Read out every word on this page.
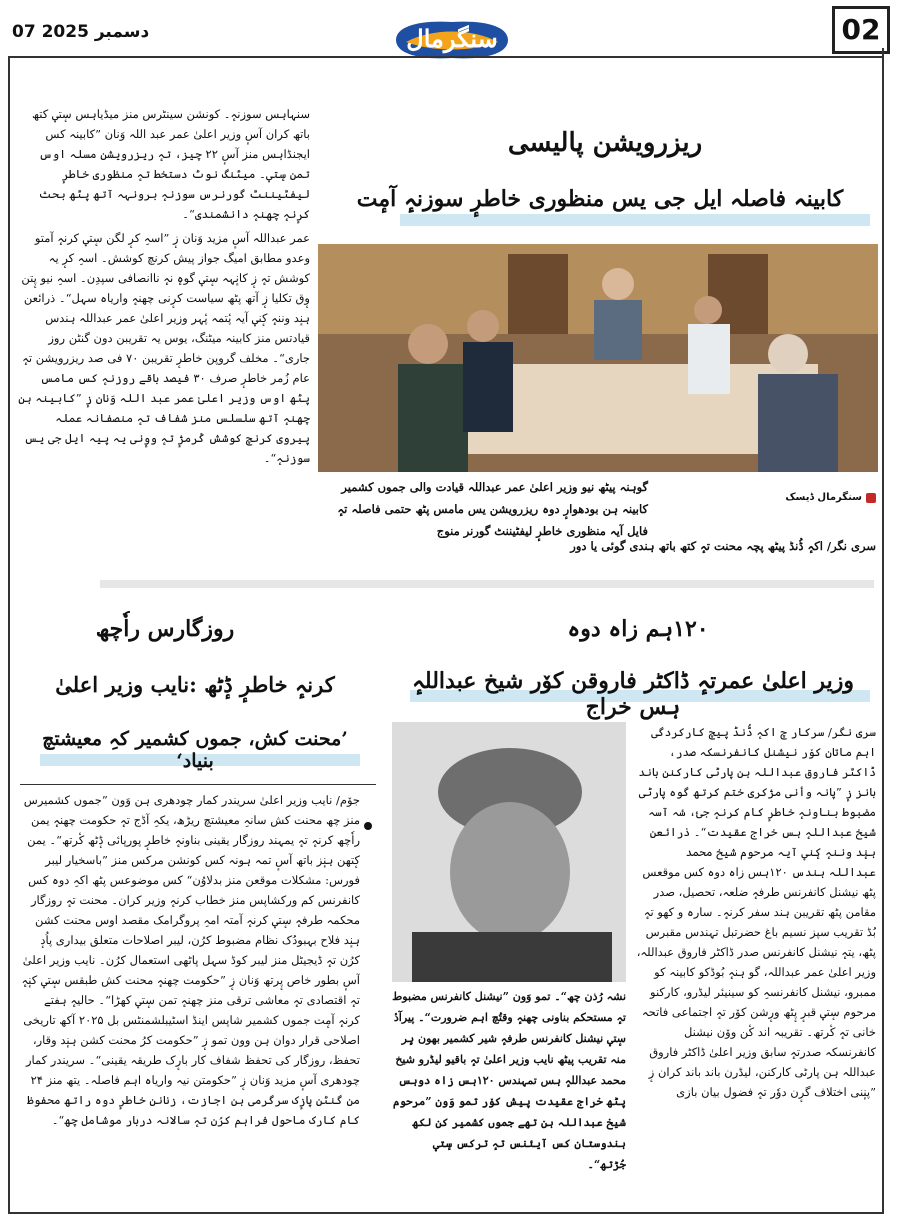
07 دسمبر 2025	سنگرمال	02
ریزرویشن پالیسی
کابینہ فاصلہ ایل جی یس منظوری خاطرٕ سوزنہٕ آمٕت
گوہنہ پیٹھ نیو وزیر اعلیٰ عمر عبداللہ قیادت والی جموں کشمیر کابینہ ہن بودھوارٕ دوہ ریزرویشن یس مامس پٹھ حتمی فاصلہ تہٕ فایل آیہ منظوری خاطرٕ لیفٹیننٹ گورنر منوج
سنگرمال ڈیسک
سری نگر/ اکہٕ ڈُنڈ پیٹھ پچہ محنت تہٕ کتھ باتھ ہندی گوئی یا دور

سنہاہس سوزنہٕ۔ کونشن سینٹرس منز میڈیاہس سٕتؠ کتھ باتھ کران آسٕ وزیر اعلیٰ عمر عبد اللہ وَنان ”کابینہ کس ایجنڈاہس منز آسٕ ۲۲ چیز، تہٕ ریزرویشن مسلہ اوس تمن سٕتؠ۔ میٹنگ نوٹ دستخط تہٕ منظوری خاطرٕ لیفٹیننٹ گورنرس سوزنہٕ برونہہ آتھ پٹھ بحث کرٕنہٕ چھنہٕ دانشمندی“۔

عمر عبداللہ آسٕ مزید وَنان زٕ ”اسہِ کرٕ لگن سٕتؠ کرنہٕ آمتو وعدو مطابق امیگ جواز پیش کرنچ کوشش۔ اسہِ کرٕ یہ کوشش تہٕ زٕ کانٕہہ سٕتؠ گوہٕ نہٕ ناانصافی سپدِن۔ اسہِ نیو پٕتن وٕق تکلیا زٕ آتھ پٹھ سیاست کرٕنی چھنہٕ واریاہ سہل“۔ ذرائعن ہنٕد وننہٕ کٕنؠ آیہ پٔتمہ پٔہر وزیر اعلیٰ عمر عبداللہ ہندس قیادتس منز کابینہ میٹنگ، یوس یہ تقریبن دون گنٹن روز جاری“۔ مخلف گروپن خاطرٕ تقریبن ۷۰ فی صد ریزرویشن تہٕ عام زُمر خاطرٕ صرف ۳۰ فیصد باقے روزنہٕ کس مامس پٹھ اوس وزیر اعلیٰ عمر عبد اللہ وَنان زٕ ”کابینہ ہن چھنہٕ آتھ سلسلس منز شفاف تہٕ منصفانہ عملہ پیروی کرنچ کوشش کٔرمژٕ تہٕ ووٕنی یہ پیہ ایل جی یس سوزنہٕ“۔

روزگارس راٗچھ
کرنہٕ خاطرٕ ڈٕٹھ :نایب وزیر اعلیٰ
’محنت کش، جموں کشمیر کہِ معیشتچ بنیاد‘

جۆم/ نایب وزیر اعلیٰ سریندر کمار چودھری ہن وَون ”جموں کشمیرس منز چھ محنت کش سانہِ معیشتچ ریڑھ، یکہِ آڈج تہٕ حکومت چھنہٕ یمن راٗچھ کرنہٕ تہٕ یمہند روزگار یقینی بناونہٕ خاطرٕ پورپائی ڈٕٹھ کٔرتھ“۔ یمن کٕتھن ہنٕز باتھ آسٕ تمہ ہونہ کس کونشن مرکس منز ”باسخیار لیبر فورس: مشکلات موقعن منز بدلاوُن“ کس موضوعس پٹھ اکہِ دوہ کس کانفرنس کم ورکشاپس منز خطاب کرنہٕ وزیر کران۔ محنت تہٕ روزگار محکمہ طرفہٕ سٕتؠ کرنہٕ آمتہ امہِ پروگرامک مقصد اوس محنت کشن ہنٕد فلاح بہبودُک نظام مضبوط کرُن، لیبر اصلاحات متعلق بیداری پاُدٕ کرُن تہٕ ڈیجیٹل منز لیبر کوڈ سہل پاٹھی استعمال کرُن۔ نایب وزیر اعلیٰ آسٕ بطور خاص پٕرتھ وَنان زٕ ”حکومت چھنہٕ محنت کش طبقس سٕتؠ کنٕہٕ تہٕ اقتصادی تہٕ معاشی ترقی منز چھنہٕ تمن سٕتؠ کھڑا“۔ حالیہٕ ہفتے کرنہٕ آمٕت جموں کشمیر شاپس اینڈ اسٹیبلشمنٹس بل ۲۰۲۵ آکھ تاریخی اصلاحی قرار دوان ہن وون تمو زٕ ”حکومت کرُ محنت کشن ہنٕد وقار، تحفظ، روزگار کی تحفظ شفاف کار بارٕک طریقہ یقینی“۔ سریندر کمار چودھری آسٕ مزید وَنان زٕ ”حکومتن نیہ واریاہ اہم فاصلہ۔ یتھ منز ۲۴ من گنٹن پازٕک سرگرمی ہن اجازت، زنانن خاطرٕ دوہ راتھ محفوظ کام کارک ماحول فراہم کرُن تہٕ سالانہ دربار موشامل چھ“۔

۱۲۰ہم زاہ دوہ
وزیر اعلیٰ عمرتہٕ ڈاکٹر فاروقن کوٚر شیخ عبداللہٕ ہس خراج
نشہ رُذن چھ“۔ تمو وَون ”نیشنل کانفرنس مضبوط تہٕ مستحکم بناونی چھنہٕ وقتُچ اہم ضرورت“۔ پیرآدٔ سٕتؠ نیشنل کانفرنس طرفہٕ شیر کشمیر بھون ہٕر منہ تقریب پیٹھ نایب وزیر اعلیٰ تہٕ باقیو لیڈرو شیخ محمد عبداللہٕ ہس تمہندس ۱۲۰ہس زاہ دوہس پٹھ خراج عقیدت پیش کوٚر تمو وَون ”مرحوم شیخ عبداللہ ہن تھے جموں کشمیر کن لکھ ہندوستان کس آیئنس تہٕ ترکس سٕتؠ جُڑتھ“۔

سری نگر/ سرکار چ اکہٕ ڈُنڈ پیچ کارکردگی اہم ماتان کوٚر نیشنل کانفرنسکہ صدر، ڈاکٹر فاروق عبداللہ ہن پارٹی کارکنن باند بانز زٕ ”پانہ وأنی مژکری ختم کرتھ گوہ پارٹی مضبوط بناونہٕ خاطرٕ کام کرنہٕ جیٔ، سٔہ آسہ شیخ عبداللہٕ ہس خراج عقیدت“۔ ذرائعن ہنٕد وننہٕ کٕنؠ آیہ مرحوم شیخ محمد عبداللہ ہندس ۱۲۰ہس زاہ دوہ کس موقعس پٹھ نیشنل کانفرنس طرفہٕ ضلعہ، تحصیل، صدر مقامن پٹھ تقریبن ہند سفر کرنہٕ۔ سارہ و کھو تہٕ بُڈ تقریب سپز نسیم باغ حضرتبل تہندس مقبرس پٹھ، یتہٕ نیشنل کانفرنس صدر ڈاکٹر فاروق عبداللہ، وزیر اعلیٰ عمر عبداللہ، گو ہنہٕ بُوڈکو کابینہ کو ممبرو، نیشنل کانفرنسہِ کو سینیئر لیڈرو، کارکنو مرحوم سٕتؠ قبرٕ پٕٹھ ورٕشن کوٚر تہٕ اجتماعی فاتحہ خانی تہٕ کٔرتھ۔ تقریبہ اند کٔن ووٚن نیشنل کانفرنسکہ صدرتہٕ سابق وزیر اعلیٰ ڈاکٹر فاروق عبداللہ ہن پارٹی کارکنن، لیڈرن باند باند کران زٕ ”پنٕنی اختلاف گرٕن دوٗر تہٕ فضول بیان بازی
